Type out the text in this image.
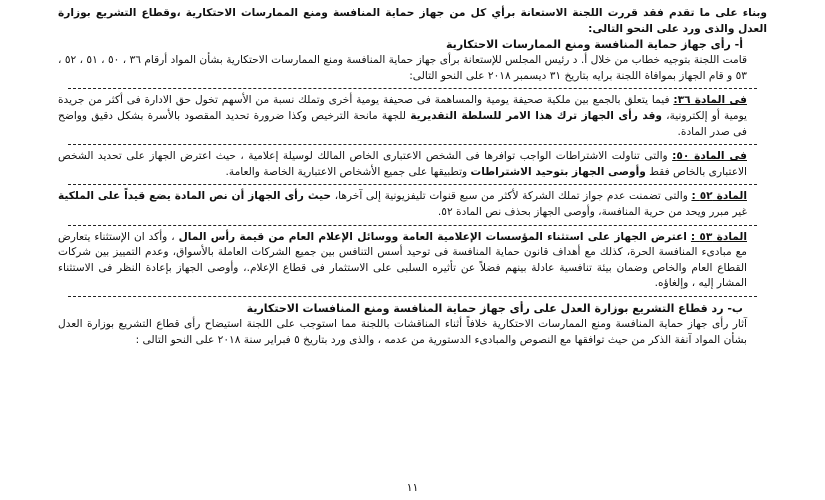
وبناء على ما تقدم فقد قررت اللجنة الاستعانة برأي كل من جهاز حماية المنافسة ومنع الممارسات الاحتكارية ،وقطاع التشريع بوزارة العدل والذى ورد على النحو التالى:

أ- رأى جهاز حماية المنافسة ومنع الممارسات الاحتكارية

قامت اللجنة بتوجيه خطاب من خلال أ. د رئيس المجلس للإستعانة برأى جهاز حماية المنافسة ومنع الممارسات الاحتكارية بشأن المواد أرقام ٣٦ ، ٥٠ ، ٥١ ، ٥٢ ، ٥٣ و قام الجهاز بموافاة اللجنة برايه بتاريخ ٣١ ديسمبر ٢٠١٨ على النحو التالى:

فى المادة ٣٦: فيما يتعلق بالجمع بين ملكية صحيفة يومية والمساهمة فى صحيفة يومية أخرى وتملك نسبة من الأسهم تخول حق الادارة فى أكثر من جريدة يومية أو إلكترونية، وقد رأى الجهاز ترك هذا الامر للسلطة التقديرية للجهة مانحة الترخيص وكذا ضرورة تحديد المقصود بالأسرة بشكل دقيق وواضح فى صدر المادة.

فى المادة ٥٠: والتى تناولت الاشتراطات الواجب توافرها فى الشخص الاعتبارى الخاص المالك لوسيلة إعلامية ، حيث اعترض الجهاز على تحديد الشخص الاعتبارى بالخاص فقط وأوصى الجهاز بتوحيد الاشتراطات وتطبيقها على جميع الأشخاص الاعتبارية الخاصة والعامة.

المادة ٥٢ : والتى تضمنت عدم جواز تملك الشركة لأكثر من سبع قنوات تليفزيونية إلى آخرها، حيث رأى الجهاز أن نص المادة يضع قيداً على الملكية غير مبرر ويحد من حرية المنافسة، وأوصى الجهاز بحذف نص المادة ٥٢.

المادة ٥٣ : اعترض الجهاز على استثناء المؤسسات الإعلامية العامة ووسائل الإعلام العام من قيمة رأس المال ، وأكد ان الإستثناء يتعارض مع مبادىء المنافسة الحرة، كذلك مع أهداف قانون حماية المنافسة فى توحيد أسس التنافس بين جميع الشركات العاملة بالأسواق، وعدم التمييز بين شركات القطاع العام والخاص وضمان بيئة تنافسية عادلة بينهم فضلاً عن تأثيره السلبى على الاستثمار فى قطاع الإعلام.، وأوصى الجهاز بإعادة النظر فى الاستثناء المشار إليه ، وإلغاؤه.

ب- رد قطاع التشريع بوزارة العدل على رأى جهاز حماية المنافسة ومنع المنافسات الاحتكارية

آثار رأى جهاز حماية المنافسة ومنع الممارسات الاحتكارية خلافاً أثناء المناقشات باللجنة مما استوجب على اللجنة استيضاح رأى قطاع التشريع بوزارة العدل بشأن المواد آنفة الذكر من حيث توافقها مع النصوص والمبادىء الدستورية من عدمه ، والذى ورد بتاريخ ٥ فبراير سنة ٢٠١٨ على النحو التالى :

١١
